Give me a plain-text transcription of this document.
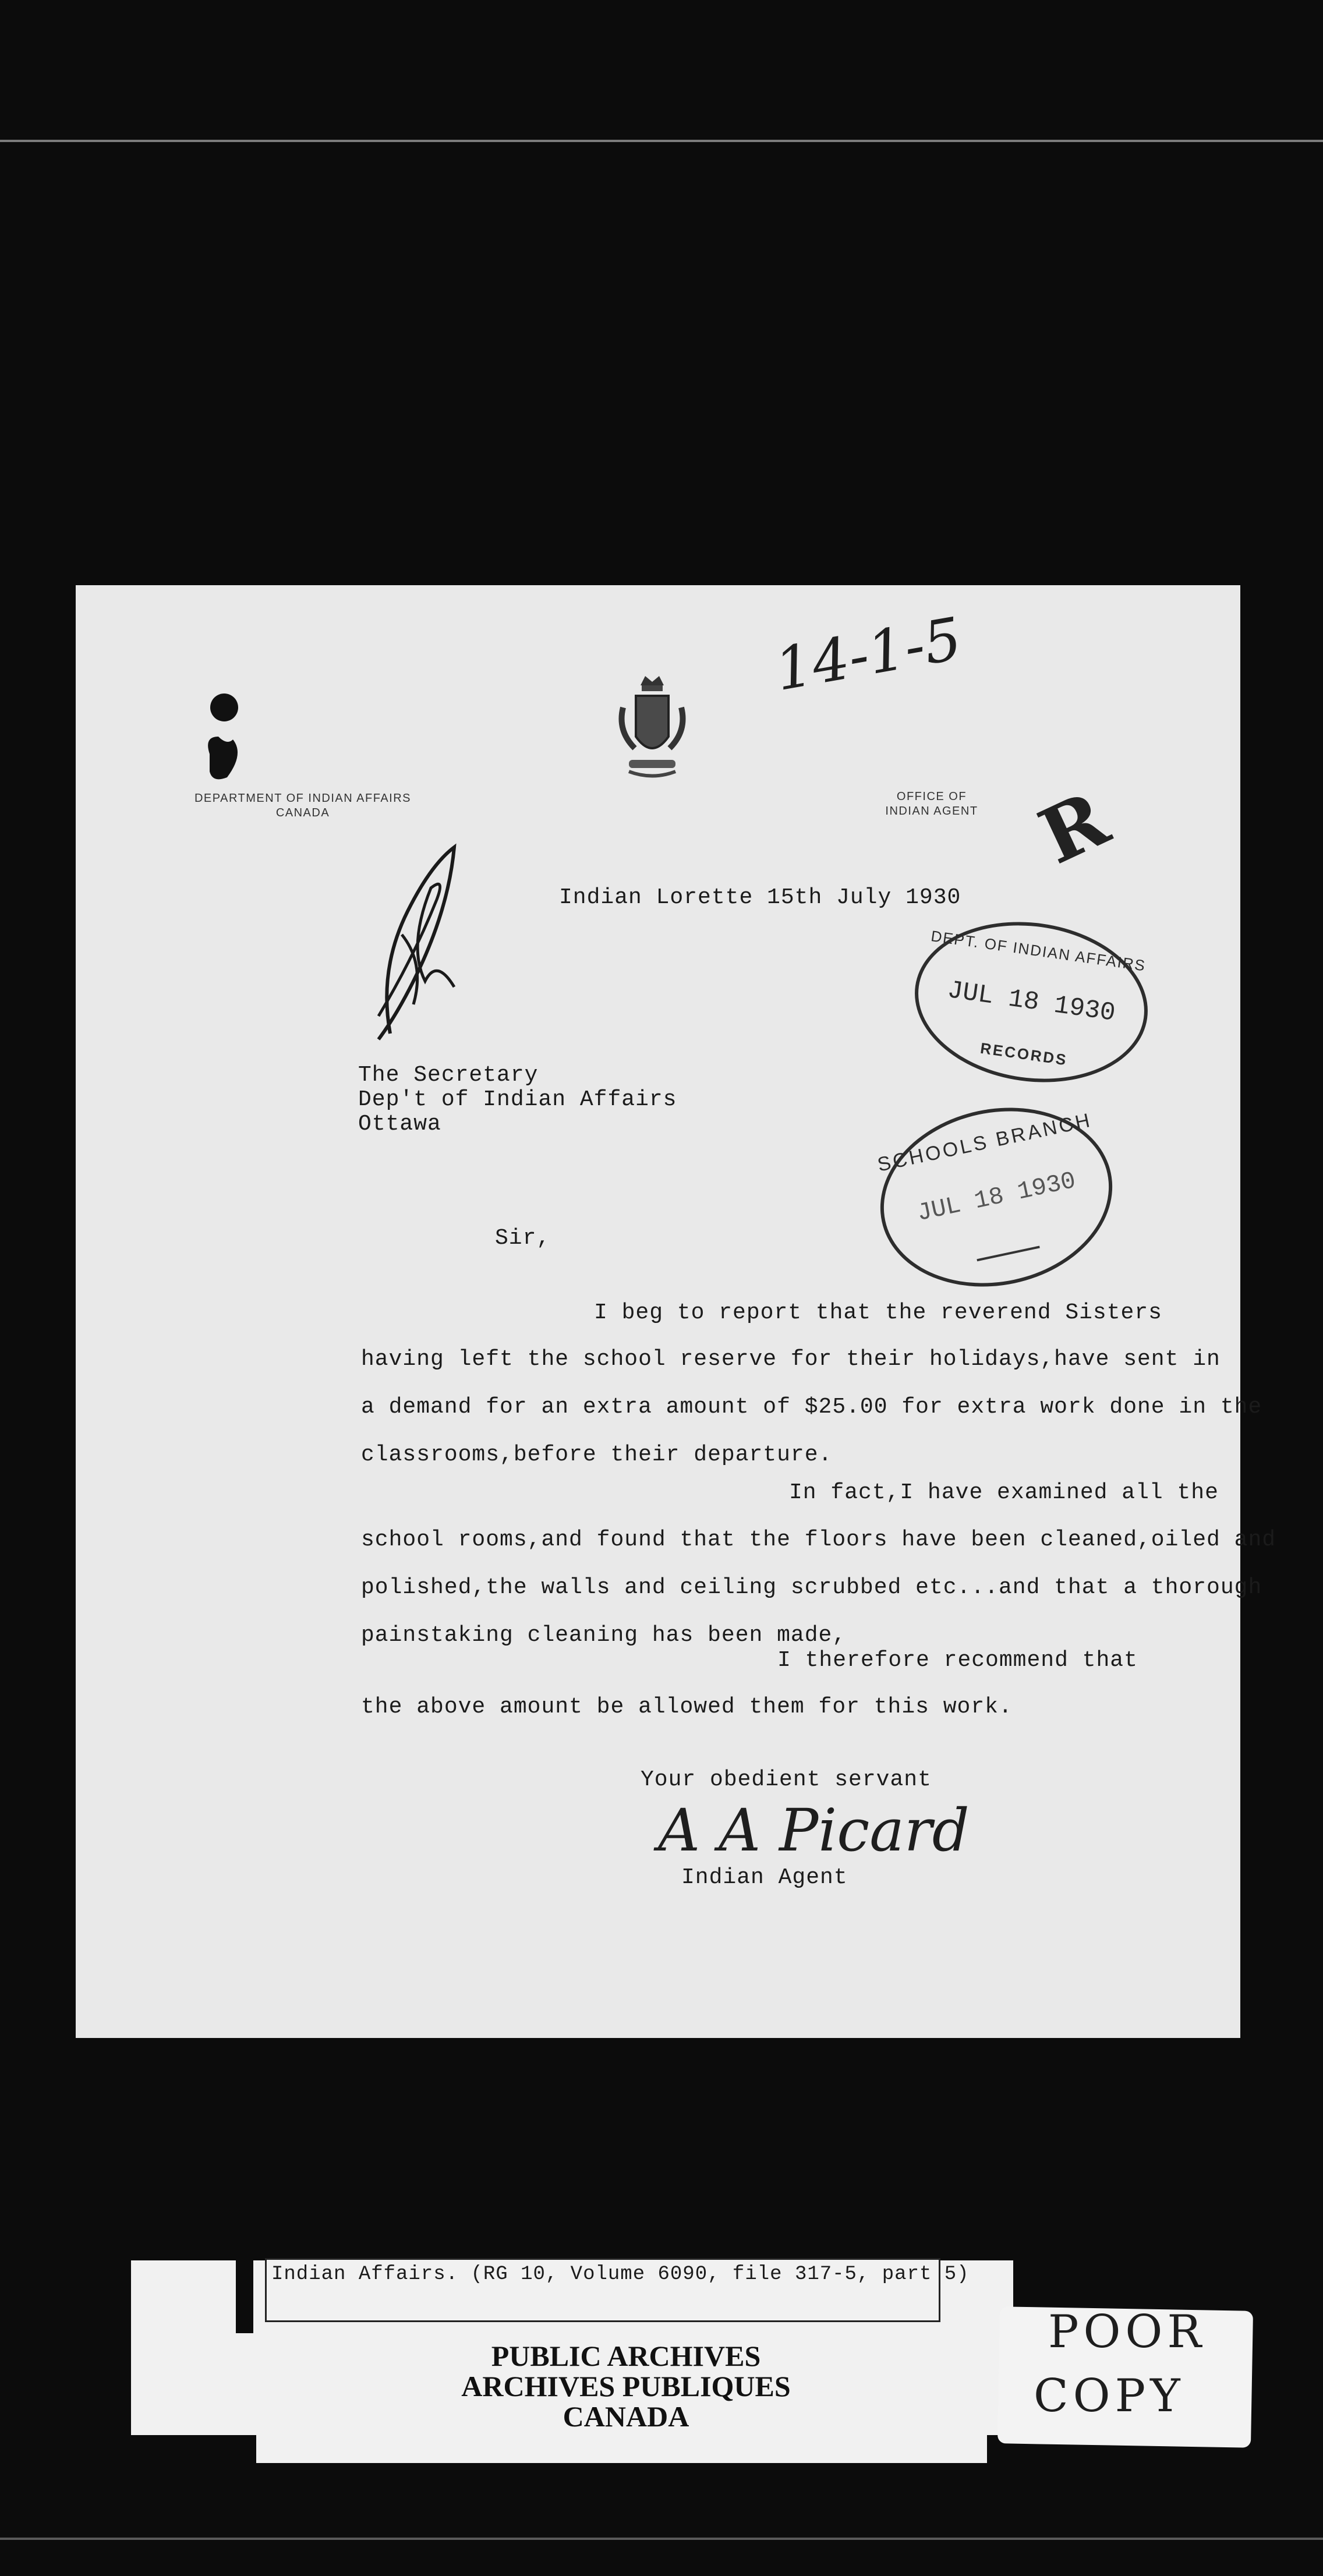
14-1-5
DEPARTMENT OF INDIAN AFFAIRS
CANADA
OFFICE OF
INDIAN AGENT R
Indian Lorette 15th July 1930
The Secretary
Dep't of Indian Affairs
Ottawa
DEPT. OF INDIAN AFFAIRS
JUL 18 1930
RECORDS
SCHOOLS BRANCH
JUL 18 1930
Sir,
I beg to report that the reverend Sisters
having left the school reserve for their holidays,have sent in
a demand for an extra amount of $25.00 for extra work done in the
classrooms,before their departure.
In fact,I have examined all the
school rooms,and found that the floors have been cleaned,oiled and
polished,the walls and ceiling scrubbed etc...and that a thorough
painstaking cleaning has been made,
I therefore recommend that
the above amount be allowed them for this work.
Your obedient servant
A A Picard
Indian Agent
Indian Affairs. (RG 10, Volume 6090, file 317-5, part 5)
PUBLIC ARCHIVES
ARCHIVES PUBLIQUES
CANADA
POOR
COPY
